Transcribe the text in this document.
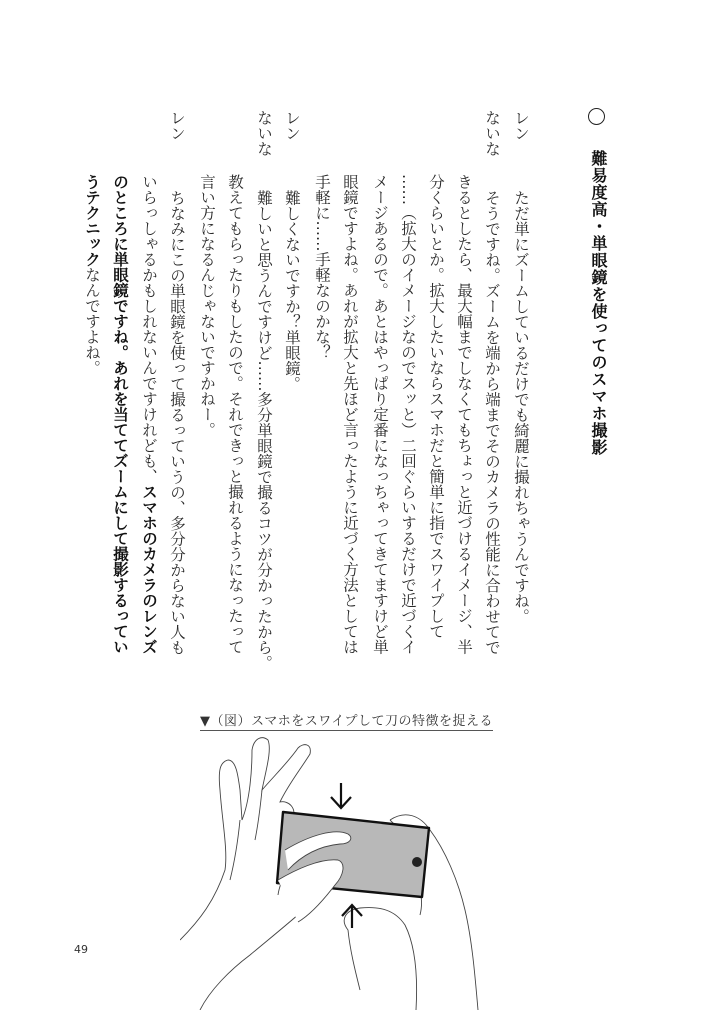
難易度高・単眼鏡を使ってのスマホ撮影
ただ単にズームしているだけでも綺麗に撮れちゃうんですね。
そうですね。ズームを端から端までそのカメラの性能に合わせてで
きるとしたら、最大幅までしなくてもちょっと近づけるイメージ、半
分くらいとか。拡大したいならスマホだと簡単に指でスワイプして
……（拡大のイメージなのでスッと）二回ぐらいするだけで近づくイ
メージあるので。あとはやっぱり定番になっちゃってきてますけど単
眼鏡ですよね。あれが拡大と先ほど言ったように近づく方法としては
手軽に……手軽なのかな？
難しくないですか？単眼鏡。
難しいと思うんですけど……多分単眼鏡で撮るコツが分かったから。
教えてもらったりもしたので。それできっと撮れるようになったって
言い方になるんじゃないですかねー。
ちなみにこの単眼鏡を使って撮るっていうの、多分分からない人も
いらっしゃるかもしれないんですけれども、スマホのカメラのレンズ
のところに単眼鏡ですね。あれを当ててズームにして撮影するってい
うテクニックなんですよね。
レン
ないな
レン
ないな
レン
▼（図）スマホをスワイプして刀の特徴を捉える
49
